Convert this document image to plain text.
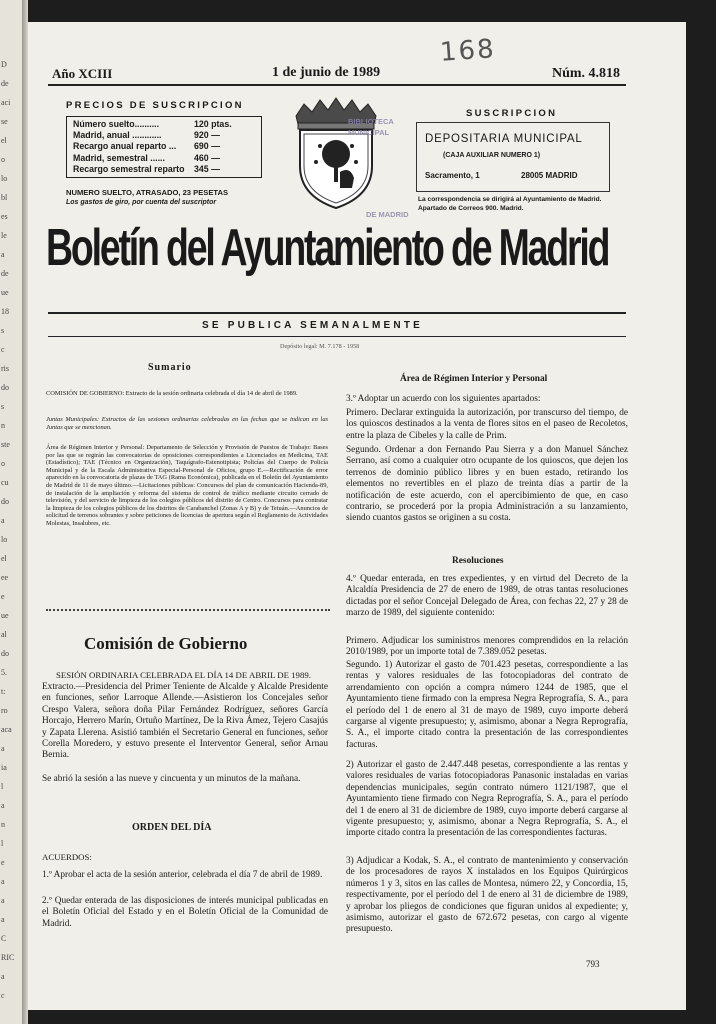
D
de
aci
se
el
o
lo
bl
es
le
a
de
ue
18
s
c
ris
do
s
n
ste
o
cu
do
a
lo
el
ee
e
ue
al
do
5.
t:
ro
aca
a
ia
l
a
n
l
e
a
a
a
C
RIC
a
c
168
Año XCIII	1 de junio de 1989	Núm. 4.818
PRECIOS DE SUSCRIPCION
Número suelto..........	120 ptas.
Madrid, anual ............	920 —
Recargo anual reparto ...	690 —
Madrid, semestral ......	460 —
Recargo semestral reparto	345 —
NUMERO SUELTO, ATRASADO, 23 PESETAS
Los gastos de giro, por cuenta del suscriptor
BIBLIOTECA
MUNICIPAL
DE MADRID
SUSCRIPCION
DEPOSITARIA MUNICIPAL
(CAJA AUXILIAR NUMERO 1)
Sacramento, 1	28005 MADRID
La correspondencia se dirigirá al Ayuntamiento de Madrid. Apartado de Correos 900. Madrid.
Boletín del Ayuntamiento de Madrid
SE PUBLICA SEMANALMENTE
Depósito legal: M. 7.178 - 1958
Sumario
COMISIÓN DE GOBIERNO: Extracto de la sesión ordinaria celebrada el día 14 de abril de 1989.
Juntas Municipales: Extractos de las sesiones ordinarias celebradas en las fechas que se indican en las Juntas que se mencionan.
Área de Régimen Interior y Personal: Departamento de Selección y Provisión de Puestos de Trabajo: Bases por las que se regirán las convocatorias de oposiciones correspondientes a Licenciados en Medicina, TAE (Estadístico); TAE (Técnico en Organización), Taquígrafo-Estenotipista; Policías del Cuerpo de Policía Municipal y de la Escala Administrativa Especial-Personal de Oficios, grupo E.—Rectificación de error aparecido en la convocatoria de plazas de TAG (Rama Económica), publicada en el Boletín del Ayuntamiento de Madrid de 11 de mayo último.—Licitaciones públicas: Concursos del plan de comunicación Hacienda-89, de instalación de la ampliación y reforma del sistema de control de tráfico mediante circuito cerrado de televisión, y del servicio de limpieza de los colegios públicos del distrito de Centro. Concursos para contratar la limpieza de los colegios públicos de los distritos de Carabanchel (Zonas A y B) y de Tetuán.—Anuncios de solicitud de terrenos sobrantes y sobre peticiones de licencias de apertura según el Reglamento de Actividades Molestas, Insalubres, etc.
Comisión de Gobierno
SESIÓN ORDINARIA CELEBRADA EL DÍA 14 DE ABRIL DE 1989.
Extracto.—Presidencia del Primer Teniente de Alcalde y Alcalde Presidente en funciones, señor Larroque Allende.—Asistieron los Concejales señor Crespo Valera, señora doña Pilar Fernández Rodríguez, señores García Horcajo, Herrero Marín, Ortuño Martínez, De la Riva Ámez, Tejero Casajús y Zapata Llerena. Asistió también el Secretario General en funciones, señor Corella Moredero, y estuvo presente el Interventor General, señor Arnau Bernia.
Se abrió la sesión a las nueve y cincuenta y un minutos de la mañana.
ORDEN DEL DÍA
ACUERDOS:
1.º Aprobar el acta de la sesión anterior, celebrada el día 7 de abril de 1989.
2.º Quedar enterada de las disposiciones de interés municipal publicadas en el Boletín Oficial del Estado y en el Boletín Oficial de la Comunidad de Madrid.
Área de Régimen Interior y Personal
3.º Adoptar un acuerdo con los siguientes apartados:
Primero. Declarar extinguida la autorización, por transcurso del tiempo, de los quioscos destinados a la venta de flores sitos en el paseo de Recoletos, entre la plaza de Cibeles y la calle de Prim.
Segundo. Ordenar a don Fernando Pau Sierra y a don Manuel Sánchez Serrano, así como a cualquier otro ocupante de los quioscos, que dejen los terrenos de dominio público libres y en buen estado, retirando los elementos no revertibles en el plazo de treinta días a partir de la notificación de este acuerdo, con el apercibimiento de que, en caso contrario, se procederá por la propia Administración a su lanzamiento, siendo cuantos gastos se originen a su costa.
Resoluciones
4.º Quedar enterada, en tres expedientes, y en virtud del Decreto de la Alcaldía Presidencia de 27 de enero de 1989, de otras tantas resoluciones dictadas por el señor Concejal Delegado de Área, con fechas 22, 27 y 28 de marzo de 1989, del siguiente contenido:
Primero. Adjudicar los suministros menores comprendidos en la relación 2010/1989, por un importe total de 7.389.052 pesetas.
Segundo. 1) Autorizar el gasto de 701.423 pesetas, correspondiente a las rentas y valores residuales de las fotocopiadoras del contrato de arrendamiento con opción a compra número 1244 de 1985, que el Ayuntamiento tiene firmado con la empresa Negra Reprografía, S. A., para el período del 1 de enero al 31 de mayo de 1989, cuyo importe deberá cargarse al vigente presupuesto; y, asimismo, abonar a Negra Reprografía, S. A., el importe citado contra la presentación de las correspondientes facturas.
2) Autorizar el gasto de 2.447.448 pesetas, correspondiente a las rentas y valores residuales de varias fotocopiadoras Panasonic instaladas en varias dependencias municipales, según contrato número 1121/1987, que el Ayuntamiento tiene firmado con Negra Reprografía, S. A., para el período del 1 de enero al 31 de diciembre de 1989, cuyo importe deberá cargarse al vigente presupuesto; y, asimismo, abonar a Negra Reprografía, S. A., el importe citado contra la presentación de las correspondientes facturas.
3) Adjudicar a Kodak, S. A., el contrato de mantenimiento y conservación de los procesadores de rayos X instalados en los Equipos Quirúrgicos números 1 y 3, sitos en las calles de Montesa, número 22, y Concordia, 15, respectivamente, por el período del 1 de enero al 31 de diciembre de 1989, y aprobar los pliegos de condiciones que figuran unidos al expediente; y, asimismo, autorizar el gasto de 672.672 pesetas, con cargo al vigente presupuesto.
793
